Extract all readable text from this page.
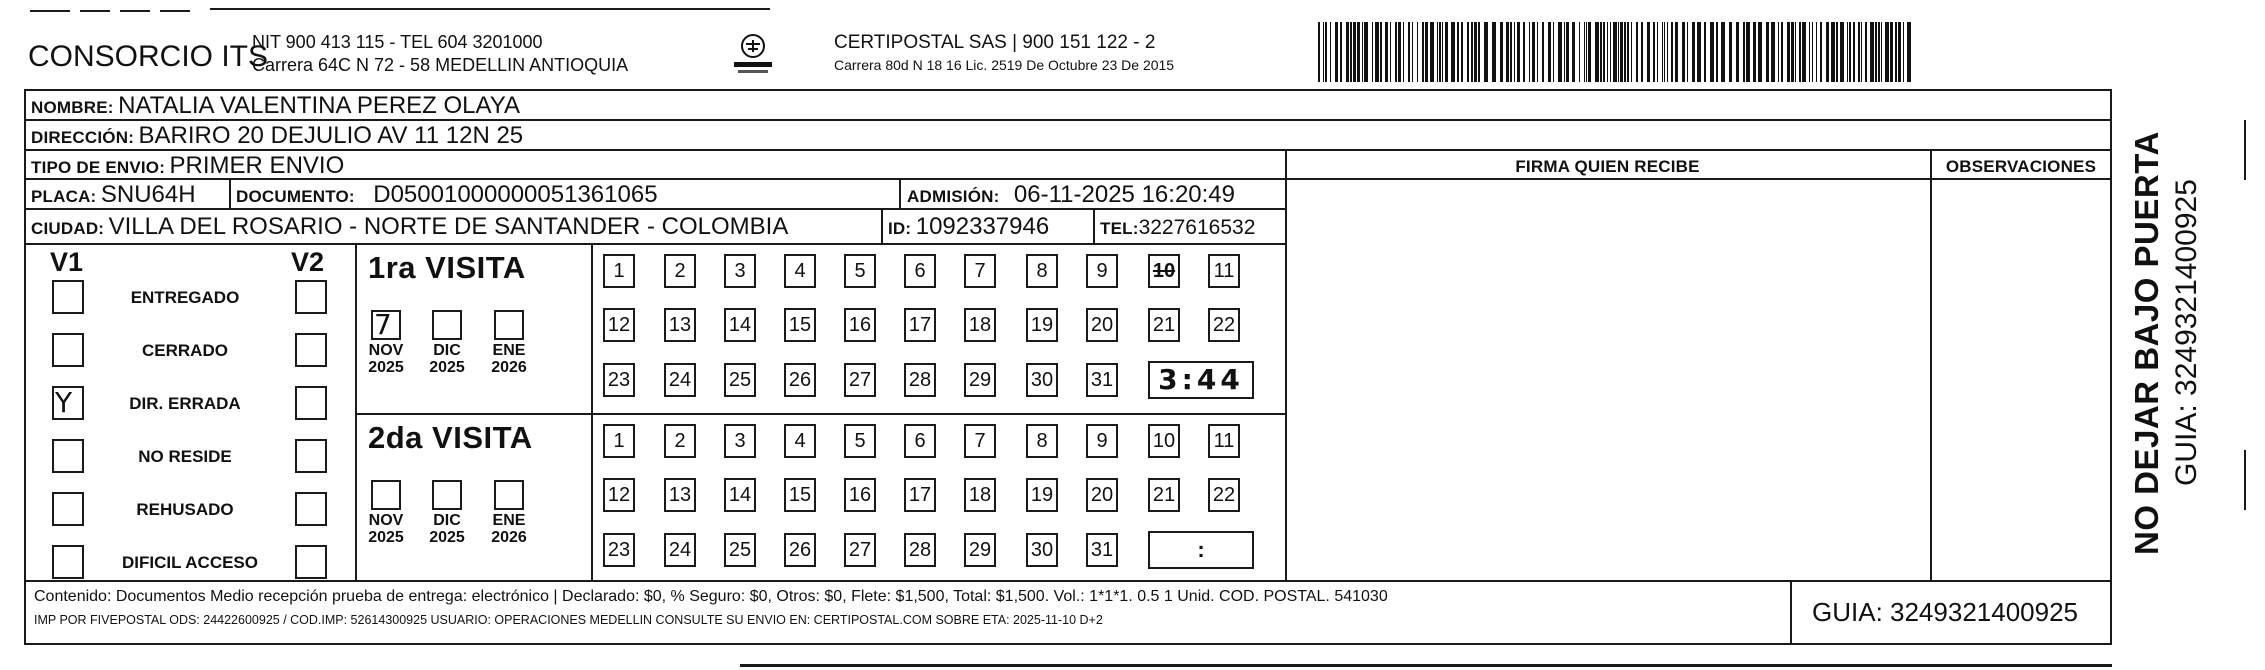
CONSORCIO ITS
NIT 900 413 115 - TEL 604 3201000
Carrera 64C N 72 - 58 MEDELLIN ANTIOQUIA
CERTIPOSTAL SAS | 900 151 122 - 2
Carrera 80d N 18 16 Lic. 2519 De Octubre 23 De 2015
NOMBRE: NATALIA VALENTINA PEREZ OLAYA
DIRECCIÓN: BARIRO 20 DEJULIO AV 11 12N 25
TIPO DE ENVIO: PRIMER ENVIO	FIRMA QUIEN RECIBE	OBSERVACIONES
PLACA: SNU64H DOCUMENTO: D05001000000051361065	ADMISIÓN: 06-11-2025 16:20:49
CIUDAD: VILLA DEL ROSARIO - NORTE DE SANTANDER - COLOMBIA	ID: 1092337946	TEL:3227616532
V1	V2
ENTREGADO
CERRADO
Y	DIR. ERRADA
NO RESIDE
REHUSADO
DIFICIL ACCESO
1ra VISITA
7
NOV
2025
DIC
2025
ENE
2026
1	2	3	4	5	6	7	8	9	10 11
12 13 14 15 16 17 18 19 20 21 22
23 24 25 26 27 28 29 30 31	3:44
2da VISITA
NOV
2025
DIC
2025
ENE
2026
1	2	3	4	5	6	7	8	9	10 11
12 13 14 15 16 17 18 19 20 21 22
23 24 25 26 27 28 29 30 31	:
Contenido: Documentos Medio recepción prueba de entrega: electrónico | Declarado: $0, % Seguro: $0, Otros: $0, Flete: $1,500, Total: $1,500. Vol.: 1*1*1. 0.5 1 Unid. COD. POSTAL. 541030
IMP POR FIVEPOSTAL ODS: 24422600925 / COD.IMP: 52614300925 USUARIO: OPERACIONES MEDELLIN CONSULTE SU ENVIO EN: CERTIPOSTAL.COM SOBRE ETA: 2025-11-10 D+2	GUIA: 3249321400925
NO DEJAR BAJO PUERTA GUIA: 3249321400925
